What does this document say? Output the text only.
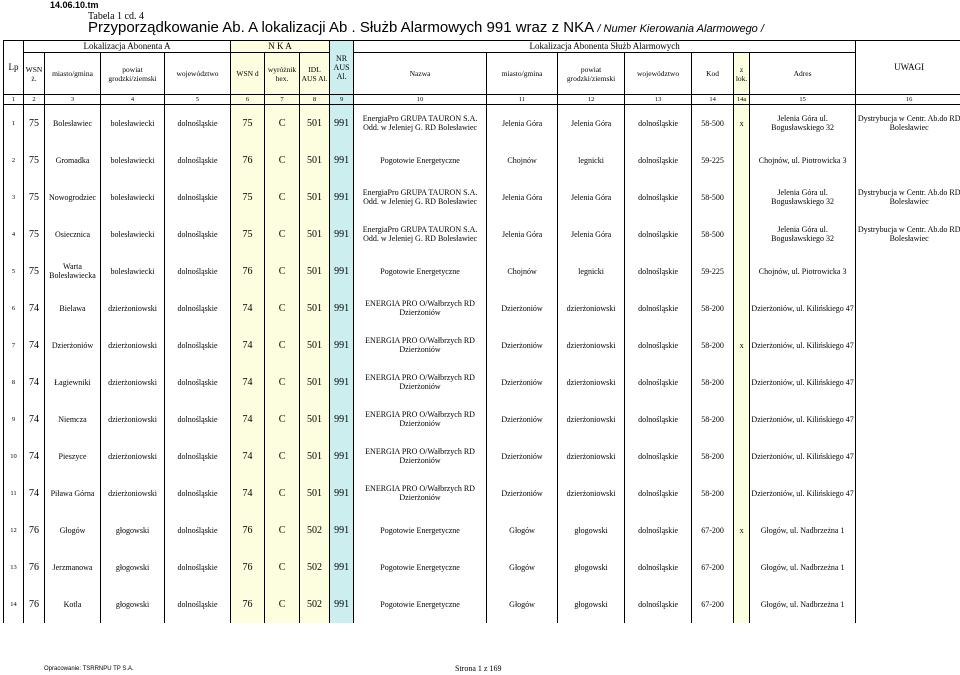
14.06.10.tm
Tabela 1 cd. 4
Przyporządkowanie Ab. A lokalizacji Ab . Służb Alarmowych 991 wraz z NKA / Numer Kierowania Alarmowego /
Lp	Lokalizacja Abonenta A				N K A			NR AUS Al.	Lokalizacja Abonenta Służb Alarmowych							UWAGI
	WSN ż.	miasto/gmina	powiat grodzki/ziemski	województwo	WSN d	wyróżnik hex.	IDL AUS Al.		Nazwa	miasto/gmina	powiat grodzki/ziemski	województwo	Kod	z lok.	Adres	
1	2	3	4	5	6	7	8	9	10	11	12	13	14	14a	15	16
1	75	Bolesławiec	bolesławiecki	dolnośląskie	75	C	501	991	EnergiaPro GRUPA TAURON S.A. Odd. w Jeleniej G. RD Bolesławiec	Jelenia Góra	Jelenia Góra	dolnośląskie	58-500	x	Jelenia Góra ul. Bogusławskiego 32	Dystrybucja w Centr. Ab.do RD Bolesławiec
2	75	Gromadka	bolesławiecki	dolnośląskie	76	C	501	991	Pogotowie Energetyczne	Chojnów	legnicki	dolnośląskie	59-225		Chojnów, ul. Piotrowicka 3	
3	75	Nowogrodziec	bolesławiecki	dolnośląskie	75	C	501	991	EnergiaPro GRUPA TAURON S.A. Odd. w Jeleniej G. RD Bolesławiec	Jelenia Góra	Jelenia Góra	dolnośląskie	58-500		Jelenia Góra ul. Bogusławskiego 32	Dystrybucja w Centr. Ab.do RD Bolesławiec
4	75	Osiecznica	bolesławiecki	dolnośląskie	75	C	501	991	EnergiaPro GRUPA TAURON S.A. Odd. w Jeleniej G. RD Bolesławiec	Jelenia Góra	Jelenia Góra	dolnośląskie	58-500		Jelenia Góra ul. Bogusławskiego 32	Dystrybucja w Centr. Ab.do RD Bolesławiec
5	75	Warta Bolesławiecka	bolesławiecki	dolnośląskie	76	C	501	991	Pogotowie Energetyczne	Chojnów	legnicki	dolnośląskie	59-225		Chojnów, ul. Piotrowicka 3	
6	74	Bielawa	dzierżoniowski	dolnośląskie	74	C	501	991	ENERGIA PRO O/Wałbrzych RD Dzierżoniów	Dzierżoniów	dzierżoniowski	dolnośląskie	58-200		Dzierżoniów, ul. Kilińskiego 47	
7	74	Dzierżoniów	dzierżoniowski	dolnośląskie	74	C	501	991	ENERGIA PRO O/Wałbrzych RD Dzierżoniów	Dzierżoniów	dzierżoniowski	dolnośląskie	58-200	x	Dzierżoniów, ul. Kilińskiego 47	
8	74	Łagiewniki	dzierżoniowski	dolnośląskie	74	C	501	991	ENERGIA PRO O/Wałbrzych RD Dzierżoniów	Dzierżoniów	dzierżoniowski	dolnośląskie	58-200		Dzierżoniów, ul. Kilińskiego 47	
9	74	Niemcza	dzierżoniowski	dolnośląskie	74	C	501	991	ENERGIA PRO O/Wałbrzych RD Dzierżoniów	Dzierżoniów	dzierżoniowski	dolnośląskie	58-200		Dzierżoniów, ul. Kilińskiego 47	
10	74	Pieszyce	dzierżoniowski	dolnośląskie	74	C	501	991	ENERGIA PRO O/Wałbrzych RD Dzierżoniów	Dzierżoniów	dzierżoniowski	dolnośląskie	58-200		Dzierżoniów, ul. Kilińskiego 47	
11	74	Piława Górna	dzierżoniowski	dolnośląskie	74	C	501	991	ENERGIA PRO O/Wałbrzych RD Dzierżoniów	Dzierżoniów	dzierżoniowski	dolnośląskie	58-200		Dzierżoniów, ul. Kilińskiego 47	
12	76	Głogów	głogowski	dolnośląskie	76	C	502	991	Pogotowie Energetyczne	Głogów	głogowski	dolnośląskie	67-200	x	Głogów, ul. Nadbrzeżna 1	
13	76	Jerzmanowa	głogowski	dolnośląskie	76	C	502	991	Pogotowie Energetyczne	Głogów	głogowski	dolnośląskie	67-200		Głogów, ul. Nadbrzeżna 1	
14	76	Kotla	głogowski	dolnośląskie	76	C	502	991	Pogotowie Energetyczne	Głogów	głogowski	dolnośląskie	67-200		Głogów, ul. Nadbrzeżna 1	
Opracowanie: TSRRNPU TP S.A.	Strona 1 z 169
